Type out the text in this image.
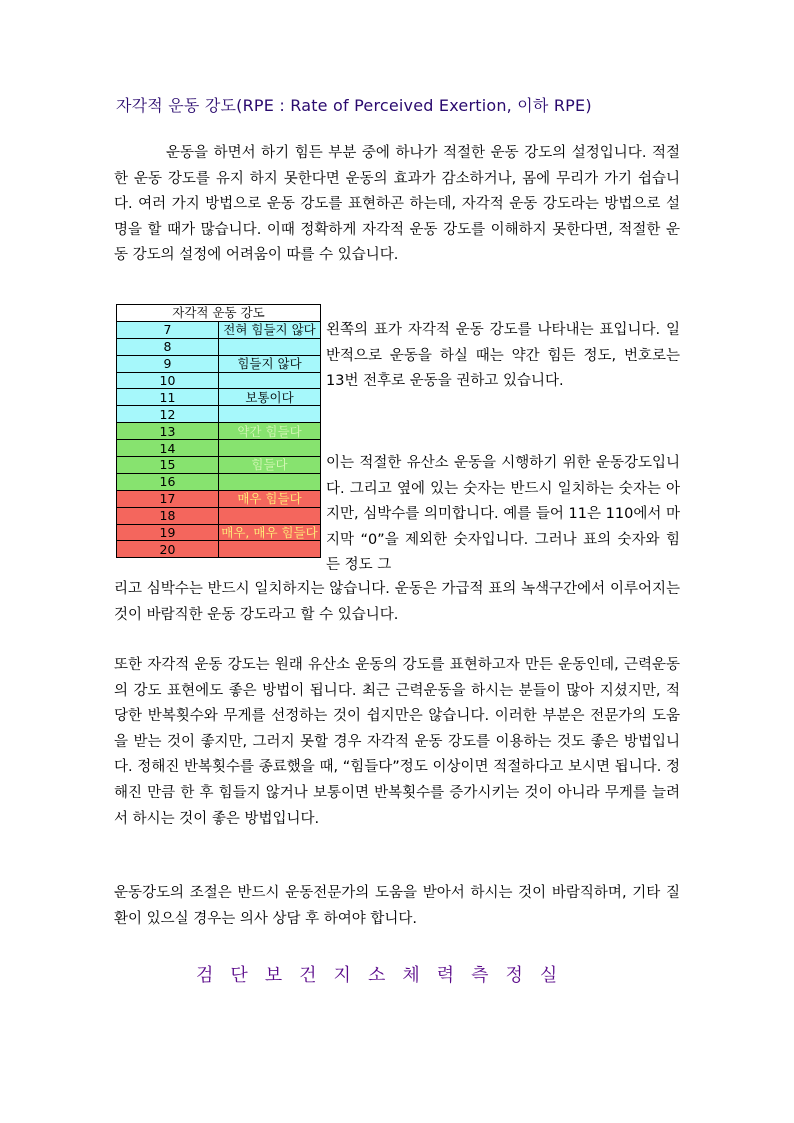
자각적 운동 강도(RPE : Rate of Perceived Exertion, 이하 RPE)

운동을 하면서 하기 힘든 부분 중에 하나가 적절한 운동 강도의 설정입니다. 적절한 운동 강도를 유지 하지 못한다면 운동의 효과가 감소하거나, 몸에 무리가 가기 쉽습니다. 여러 가지 방법으로 운동 강도를 표현하곤 하는데, 자각적 운동 강도라는 방법으로 설명을 할 때가 많습니다. 이때 정확하게 자각적 운동 강도를 이해하지 못한다면, 적절한 운동 강도의 설정에 어려움이 따를 수 있습니다.

자각적 운동 강도	
7	전혀 힘들지 않다
8	
9	힘들지 않다
10	
11	보통이다
12	
13	약간 힘들다
14	
15	힘들다
16	
17	매우 힘들다
18	
19	매우, 매우 힘들다
20	

왼쪽의 표가 자각적 운동 강도를 나타내는 표입니다. 일반적으로 운동을 하실 때는 약간 힘든 정도, 번호로는 13번 전후로 운동을 권하고 있습니다.

이는 적절한 유산소 운동을 시행하기 위한 운동강도입니다. 그리고 옆에 있는 숫자는 반드시 일치하는 숫자는 아지만, 심박수를 의미합니다. 예를 들어 11은 110에서 마지막 “0”을 제외한 숫자입니다. 그러나 표의 숫자와 힘든 정도 그

리고 심박수는 반드시 일치하지는 않습니다. 운동은 가급적 표의 녹색구간에서 이루어지는 것이 바람직한 운동 강도라고 할 수 있습니다.

또한 자각적 운동 강도는 원래 유산소 운동의 강도를 표현하고자 만든 운동인데, 근력운동의 강도 표현에도 좋은 방법이 됩니다. 최근 근력운동을 하시는 분들이 많아 지셨지만, 적당한 반복횟수와 무게를 선정하는 것이 쉽지만은 않습니다. 이러한 부분은 전문가의 도움을 받는 것이 좋지만, 그러지 못할 경우 자각적 운동 강도를 이용하는 것도 좋은 방법입니다. 정해진 반복횟수를 종료했을 때, “힘들다”정도 이상이면 적절하다고 보시면 됩니다. 정해진 만큼 한 후 힘들지 않거나 보통이면 반복횟수를 증가시키는 것이 아니라 무게를 늘려서 하시는 것이 좋은 방법입니다.

운동강도의 조절은 반드시 운동전문가의 도움을 받아서 하시는 것이 바람직하며, 기타 질환이 있으실 경우는 의사 상담 후 하여야 합니다.

검단보건지소체력측정실
